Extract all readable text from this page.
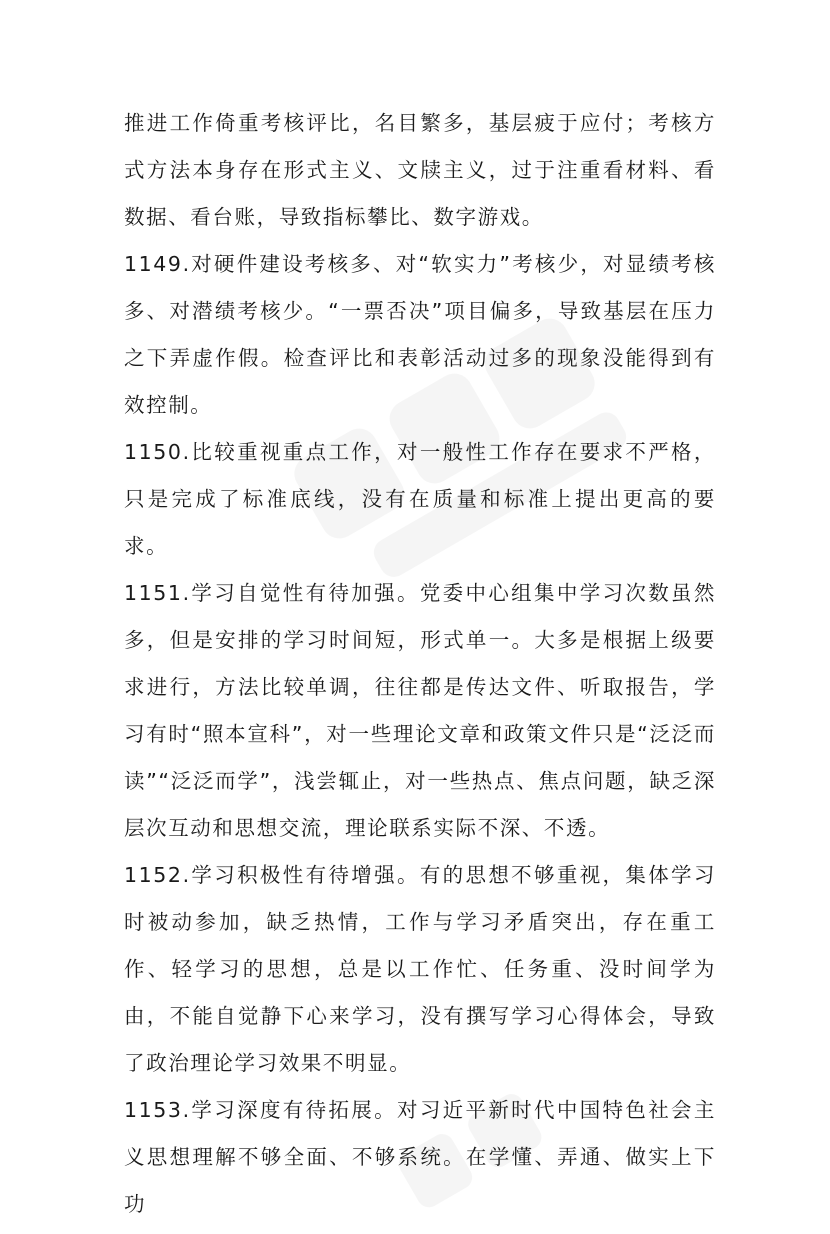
推进工作倚重考核评比，名目繁多，基层疲于应付；考核方式方法本身存在形式主义、文牍主义，过于注重看材料、看数据、看台账，导致指标攀比、数字游戏。

1149.对硬件建设考核多、对“软实力”考核少，对显绩考核多、对潜绩考核少。“一票否决”项目偏多，导致基层在压力之下弄虚作假。检查评比和表彰活动过多的现象没能得到有效控制。

1150.比较重视重点工作，对一般性工作存在要求不严格，只是完成了标准底线，没有在质量和标准上提出更高的要求。

1151.学习自觉性有待加强。党委中心组集中学习次数虽然多，但是安排的学习时间短，形式单一。大多是根据上级要求进行，方法比较单调，往往都是传达文件、听取报告，学习有时“照本宣科”，对一些理论文章和政策文件只是“泛泛而读”“泛泛而学”，浅尝辄止，对一些热点、焦点问题，缺乏深层次互动和思想交流，理论联系实际不深、不透。

1152.学习积极性有待增强。有的思想不够重视，集体学习时被动参加，缺乏热情，工作与学习矛盾突出，存在重工作、轻学习的思想，总是以工作忙、任务重、没时间学为由，不能自觉静下心来学习，没有撰写学习心得体会，导致了政治理论学习效果不明显。

1153.学习深度有待拓展。对习近平新时代中国特色社会主义思想理解不够全面、不够系统。在学懂、弄通、做实上下功
